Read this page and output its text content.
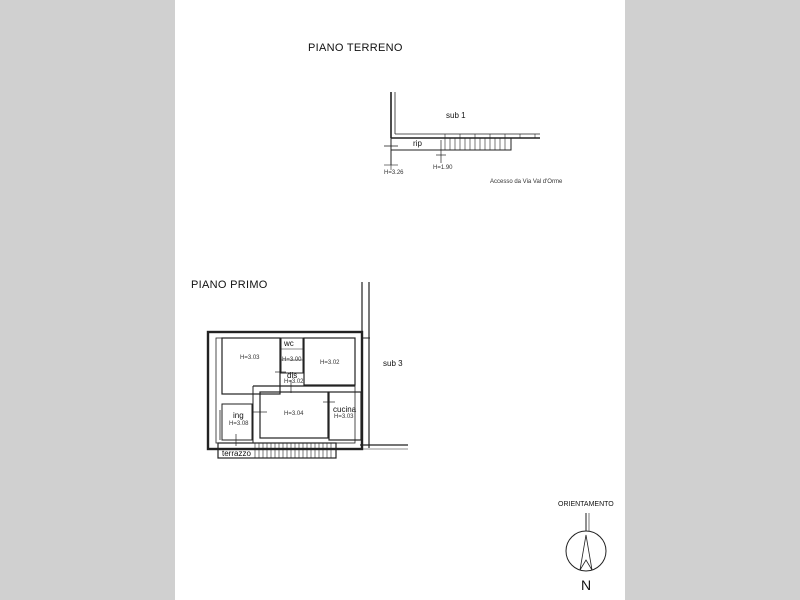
PIANO TERRENO
sub 1
rip
H=3.26
H=1.90
Accesso da Via Val d'Orme
PIANO PRIMO
sub 3
H=3.03
wc
H=3.00	H=3.02
dis
H=3.02
ing
H=3.08
H=3.04	cucina
H=3.03
terrazzo
ORIENTAMENTO
N
